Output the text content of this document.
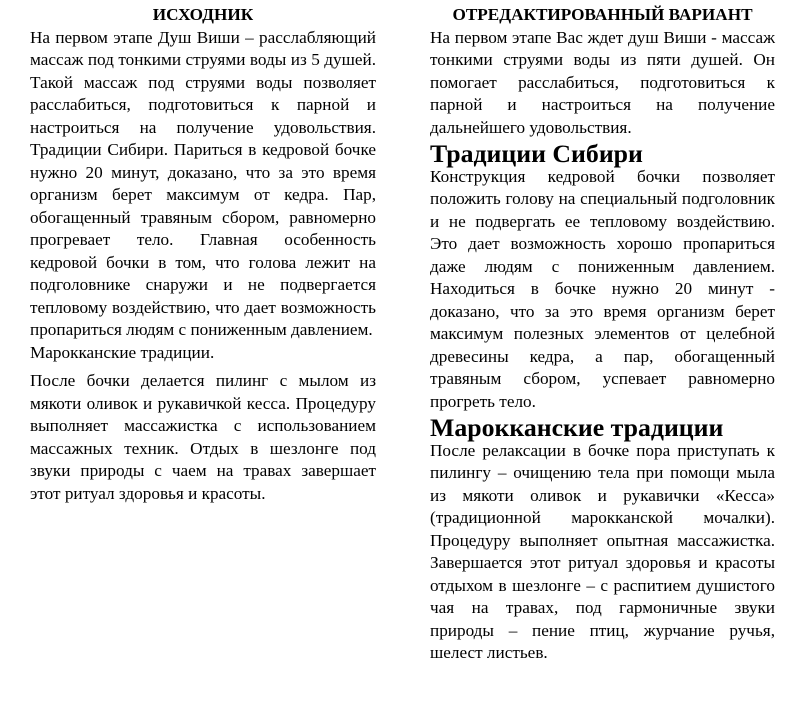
ИСХОДНИК

На первом этапе Душ Виши – расслабляющий массаж под тонкими струями воды из 5 душей. Такой массаж под струями воды позволяет расслабиться, подготовиться к парной и настроиться на получение удовольствия. Традиции Сибири. Париться в кедровой бочке нужно 20 минут, доказано, что за это время организм берет максимум от кедра. Пар, обогащенный травяным сбором, равномерно прогревает тело. Главная особенность кедровой бочки в том, что голова лежит на подголовнике снаружи и не подвергается тепловому воздействию, что дает возможность пропариться людям с пониженным давлением.

Марокканские традиции.

После бочки делается пилинг с мылом из мякоти оливок и рукавичкой кесса. Процедуру выполняет массажистка с использованием массажных техник. Отдых в шезлонге под звуки природы с чаем на травах завершает этот ритуал здоровья и красоты.

ОТРЕДАКТИРОВАННЫЙ ВАРИАНТ

На первом этапе Вас ждет душ Виши - массаж тонкими струями воды из пяти душей. Он помогает расслабиться, подготовиться к парной и настроиться на получение дальнейшего удовольствия.

Традиции Сибири

Конструкция кедровой бочки позволяет положить голову на специальный подголовник и не подвергать ее тепловому воздействию. Это дает возможность хорошо пропариться даже людям с пониженным давлением. Находиться в бочке нужно 20 минут - доказано, что за это время организм берет максимум полезных элементов от целебной древесины кедра, а пар, обогащенный травяным сбором, успевает равномерно прогреть тело.

Марокканские традиции

После релаксации в бочке пора приступать к пилингу – очищению тела при помощи мыла из мякоти оливок и рукавички «Кесса» (традиционной марокканской мочалки). Процедуру выполняет опытная массажистка. Завершается этот ритуал здоровья и красоты отдыхом в шезлонге – с распитием душистого чая на травах, под гармоничные звуки природы – пение птиц, журчание ручья, шелест листьев.
